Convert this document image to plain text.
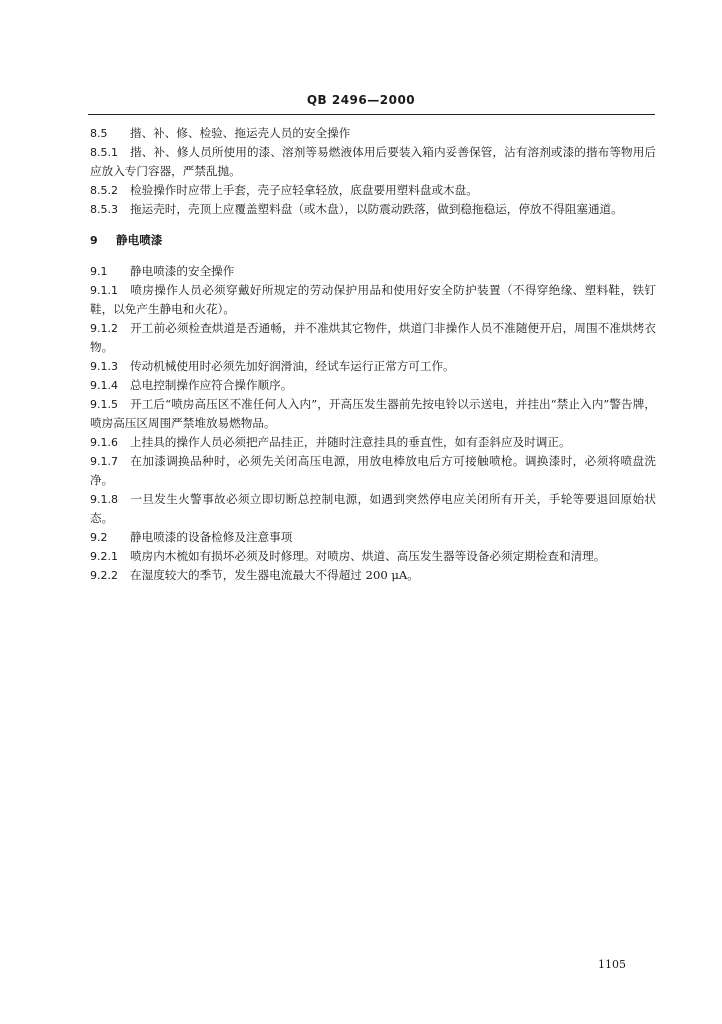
QB 2496—2000

8.5 揩、补、修、检验、拖运壳人员的安全操作

8.5.1 揩、补、修人员所使用的漆、溶剂等易燃液体用后要装入箱内妥善保管，沾有溶剂或漆的揩布等物用后应放入专门容器，严禁乱抛。

8.5.2 检验操作时应带上手套，壳子应轻拿轻放，底盘要用塑料盘或木盘。

8.5.3 拖运壳时，壳顶上应覆盖塑料盘（或木盘），以防震动跌落，做到稳拖稳运，停放不得阻塞通道。

9 静电喷漆

9.1 静电喷漆的安全操作

9.1.1 喷房操作人员必须穿戴好所规定的劳动保护用品和使用好安全防护装置（不得穿绝缘、塑料鞋，铁钉鞋，以免产生静电和火花）。

9.1.2 开工前必须检查烘道是否通畅，并不准烘其它物件，烘道门非操作人员不准随便开启，周围不准烘烤衣物。

9.1.3 传动机械使用时必须先加好润滑油，经试车运行正常方可工作。

9.1.4 总电控制操作应符合操作顺序。

9.1.5 开工后“喷房高压区不准任何人入内”，开高压发生器前先按电铃以示送电，并挂出“禁止入内”警告牌，喷房高压区周围严禁堆放易燃物品。

9.1.6 上挂具的操作人员必须把产品挂正，并随时注意挂具的垂直性，如有歪斜应及时调正。

9.1.7 在加漆调换品种时，必须先关闭高压电源，用放电棒放电后方可接触喷枪。调换漆时，必须将喷盘洗净。

9.1.8 一旦发生火警事故必须立即切断总控制电源，如遇到突然停电应关闭所有开关，手轮等要退回原始状态。

9.2 静电喷漆的设备检修及注意事项

9.2.1 喷房内木梳如有损坏必须及时修理。对喷房、烘道、高压发生器等设备必须定期检查和清理。

9.2.2 在湿度较大的季节，发生器电流最大不得超过 200 μA。

1105
